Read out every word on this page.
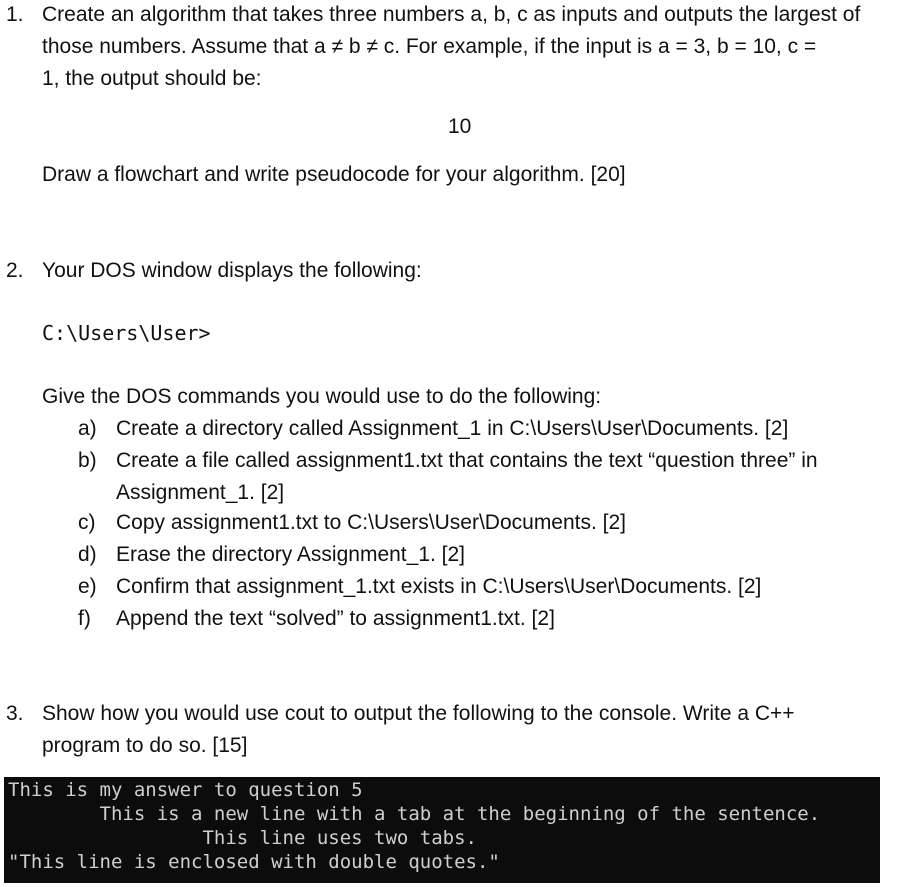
1. Create an algorithm that takes three numbers a, b, c as inputs and outputs the largest of
those numbers. Assume that a ≠ b ≠ c. For example, if the input is a = 3, b = 10, c =
1, the output should be:
10
Draw a flowchart and write pseudocode for your algorithm. [20]
2. Your DOS window displays the following:
C:\Users\User>
Give the DOS commands you would use to do the following:
a) Create a directory called Assignment_1 in C:\Users\User\Documents. [2]
b) Create a file called assignment1.txt that contains the text “question three” in
Assignment_1. [2]
c) Copy assignment1.txt to C:\Users\User\Documents. [2]
d) Erase the directory Assignment_1. [2]
e) Confirm that assignment_1.txt exists in C:\Users\User\Documents. [2]
f) Append the text “solved” to assignment1.txt. [2]
3. Show how you would use cout to output the following to the console. Write a C++
program to do so. [15]
This is my answer to question 5
This is a new line with a tab at the beginning of the sentence.
This line uses two tabs.
"This line is enclosed with double quotes."
